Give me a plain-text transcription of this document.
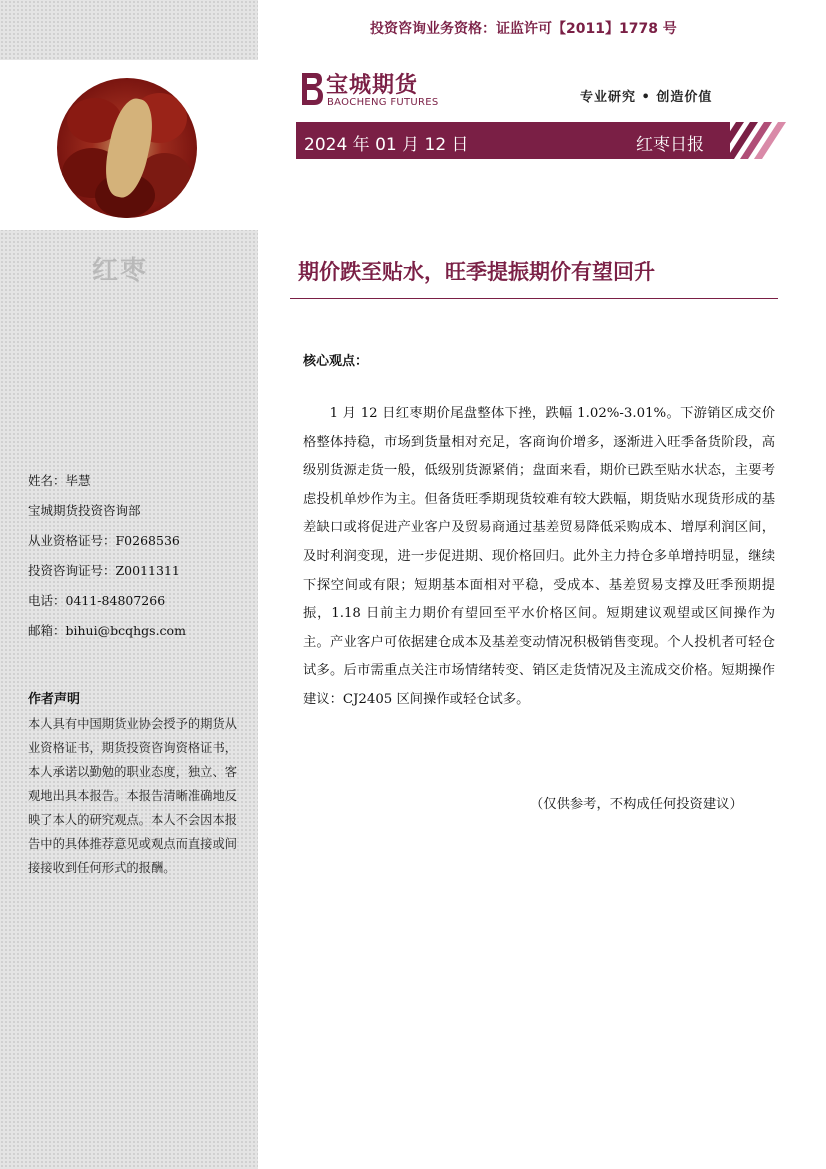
红枣
姓名：毕慧
宝城期货投资咨询部
从业资格证号：F0268536
投资咨询证号：Z0011311
电话：0411-84807266
邮箱：bihui@bcqhgs.com
作者声明
本人具有中国期货业协会授予的期货从业资格证书，期货投资咨询资格证书，本人承诺以勤勉的职业态度，独立、客观地出具本报告。本报告清晰准确地反映了本人的研究观点。本人不会因本报告中的具体推荐意见或观点而直接或间接接收到任何形式的报酬。
投资咨询业务资格：证监许可【2011】1778 号
宝城期货
BAOCHENG FUTURES	专业研究 • 创造价值
2024 年 01 月 12 日	红枣日报
期价跌至贴水，旺季提振期价有望回升
核心观点：
1 月 12 日红枣期价尾盘整体下挫，跌幅 1.02%-3.01%。下游销区成交价格整体持稳，市场到货量相对充足，客商询价增多，逐渐进入旺季备货阶段，高级别货源走货一般，低级别货源紧俏；盘面来看，期价已跌至贴水状态，主要考虑投机单炒作为主。但备货旺季期现货较难有较大跌幅，期货贴水现货形成的基差缺口或将促进产业客户及贸易商通过基差贸易降低采购成本、增厚利润区间，及时利润变现，进一步促进期、现价格回归。此外主力持仓多单增持明显，继续下探空间或有限；短期基本面相对平稳，受成本、基差贸易支撑及旺季预期提振，1.18 日前主力期价有望回至平水价格区间。短期建议观望或区间操作为主。产业客户可依据建仓成本及基差变动情况积极销售变现。个人投机者可轻仓试多。后市需重点关注市场情绪转变、销区走货情况及主流成交价格。短期操作建议：CJ2405 区间操作或轻仓试多。
（仅供参考，不构成任何投资建议）
